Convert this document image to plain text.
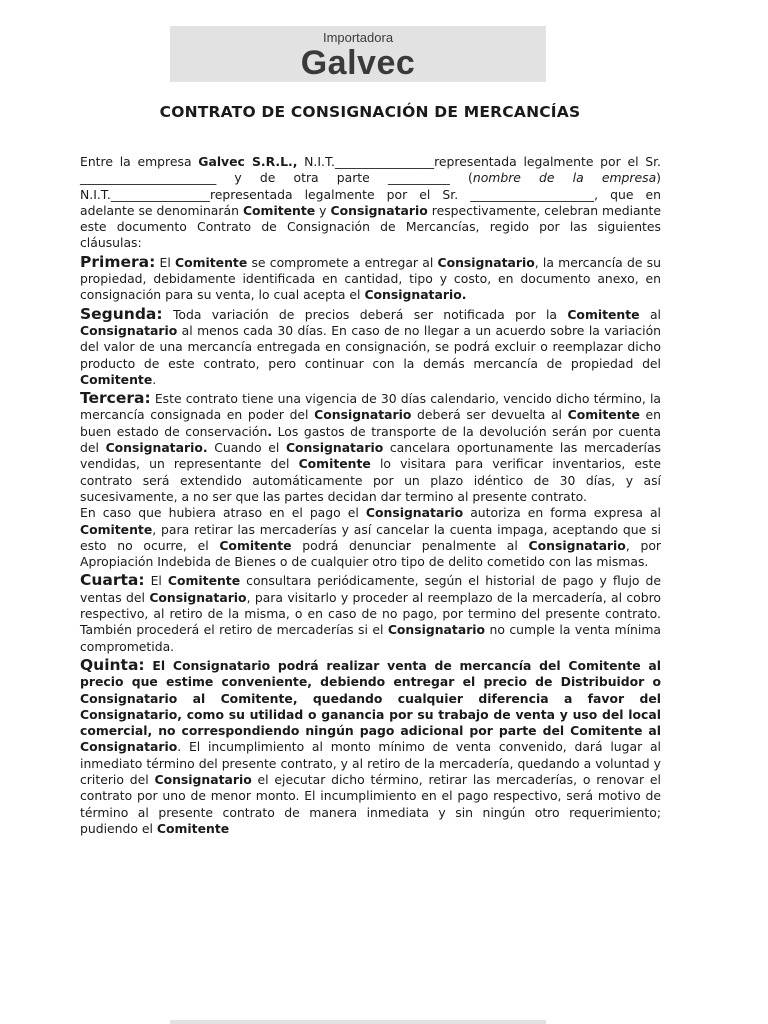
Importadora
Galvec
CONTRATO DE CONSIGNACIÓN DE MERCANCÍAS

Entre la empresa Galvec S.R.L., N.I.T.________________representada legalmente por el Sr. ______________________ y de otra parte __________ (nombre de la empresa) N.I.T.________________representada legalmente por el Sr. ____________________, que en adelante se denominarán Comitente y Consignatario respectivamente, celebran mediante este documento Contrato de Consignación de Mercancías, regido por las siguientes cláusulas:

Primera: El Comitente se compromete a entregar al Consignatario, la mercancía de su propiedad, debidamente identificada en cantidad, tipo y costo, en documento anexo, en consignación para su venta, lo cual acepta el Consignatario.

Segunda: Toda variación de precios deberá ser notificada por la Comitente al Consignatario al menos cada 30 días. En caso de no llegar a un acuerdo sobre la variación del valor de una mercancía entregada en consignación, se podrá excluir o reemplazar dicho producto de este contrato, pero continuar con la demás mercancía de propiedad del Comitente.

Tercera: Este contrato tiene una vigencia de 30 días calendario, vencido dicho término, la mercancía consignada en poder del Consignatario deberá ser devuelta al Comitente en buen estado de conservación. Los gastos de transporte de la devolución serán por cuenta del Consignatario. Cuando el Consignatario cancelara oportunamente las mercaderías vendidas, un representante del Comitente lo visitara para verificar inventarios, este contrato será extendido automáticamente por un plazo idéntico de 30 días, y así sucesivamente, a no ser que las partes decidan dar termino al presente contrato.

En caso que hubiera atraso en el pago el Consignatario autoriza en forma expresa al Comitente, para retirar las mercaderías y así cancelar la cuenta impaga, aceptando que si esto no ocurre, el Comitente podrá denunciar penalmente al Consignatario, por Apropiación Indebida de Bienes o de cualquier otro tipo de delito cometido con las mismas.

Cuarta: El Comitente consultara periódicamente, según el historial de pago y flujo de ventas del Consignatario, para visitarlo y proceder al reemplazo de la mercadería, al cobro respectivo, al retiro de la misma, o en caso de no pago, por termino del presente contrato. También procederá el retiro de mercaderías si el Consignatario no cumple la venta mínima comprometida.

Quinta: El Consignatario podrá realizar venta de mercancía del Comitente al precio que estime conveniente, debiendo entregar el precio de Distribuidor o Consignatario al Comitente, quedando cualquier diferencia a favor del Consignatario, como su utilidad o ganancia por su trabajo de venta y uso del local comercial, no correspondiendo ningún pago adicional por parte del Comitente al Consignatario. El incumplimiento al monto mínimo de venta convenido, dará lugar al inmediato término del presente contrato, y al retiro de la mercadería, quedando a voluntad y criterio del Consignatario el ejecutar dicho término, retirar las mercaderías, o renovar el contrato por uno de menor monto. El incumplimiento en el pago respectivo, será motivo de término al presente contrato de manera inmediata y sin ningún otro requerimiento; pudiendo el Comitente
